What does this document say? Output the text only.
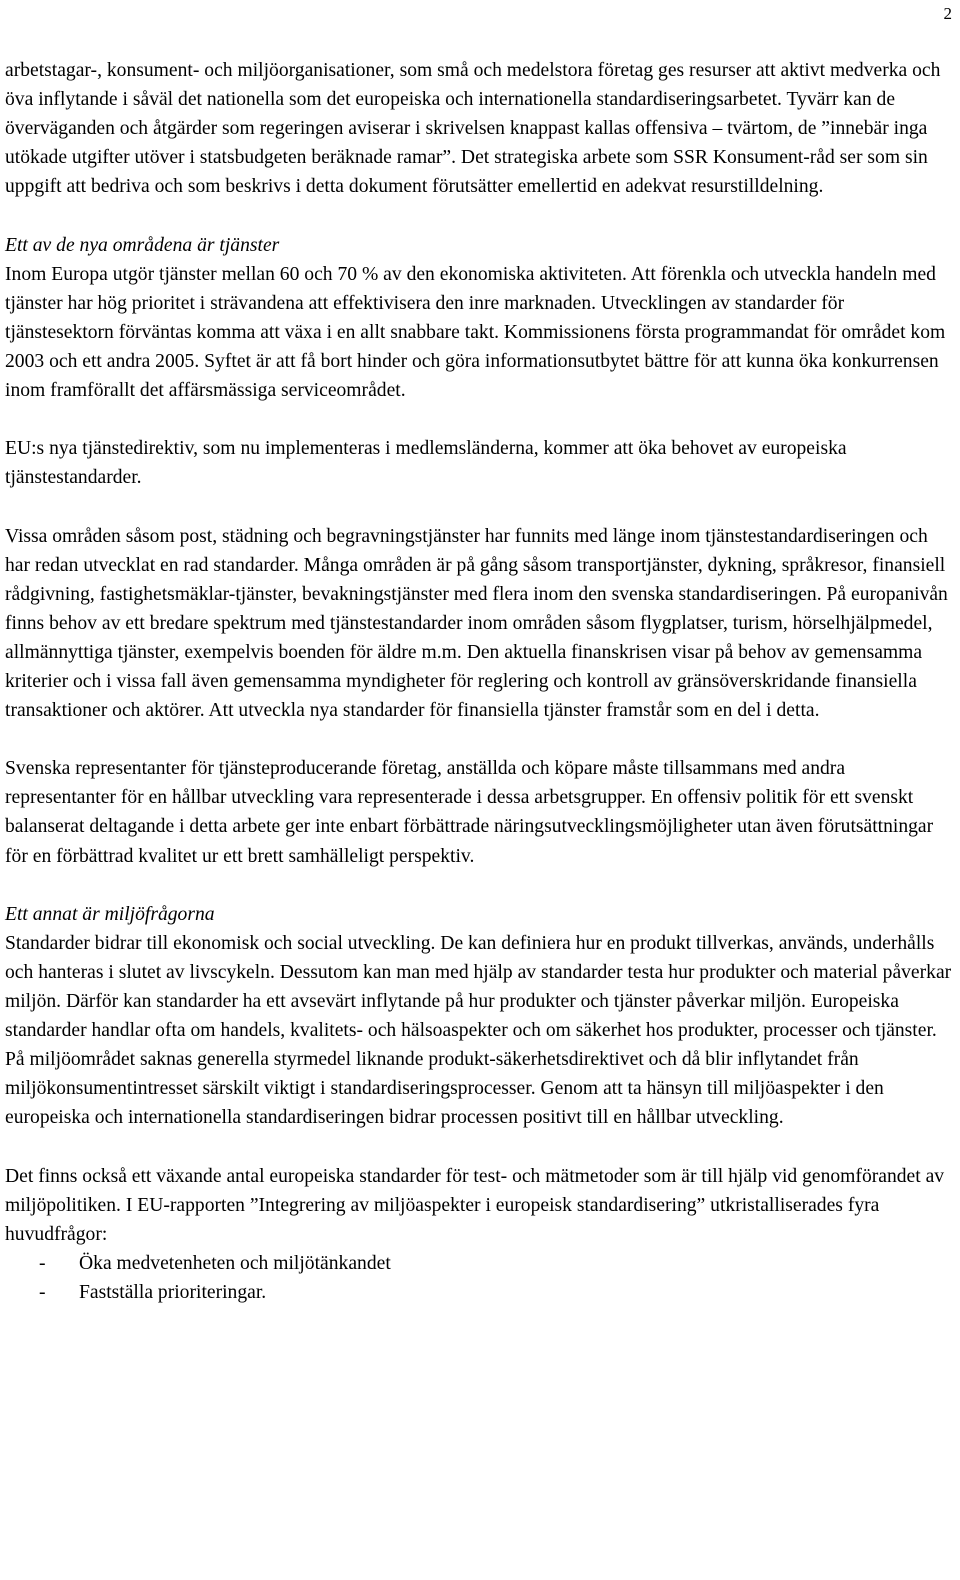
2

arbetstagar-, konsument- och miljöorganisationer, som små och medelstora företag ges resurser att aktivt medverka och öva inflytande i såväl det nationella som det europeiska och internationella standardiseringsarbetet. Tyvärr kan de överväganden och åtgärder som regeringen aviserar i skrivelsen knappast kallas offensiva – tvärtom, de ”innebär inga utökade utgifter utöver i statsbudgeten beräknade ramar”. Det strategiska arbete som SSR Konsument-råd ser som sin uppgift att bedriva och som beskrivs i detta dokument förutsätter emellertid en adekvat resurstilldelning.

Ett av de nya områdena är tjänster

Inom Europa utgör tjänster mellan 60 och 70 % av den ekonomiska aktiviteten. Att förenkla och utveckla handeln med tjänster har hög prioritet i strävandena att effektivisera den inre marknaden. Utvecklingen av standarder för tjänstesektorn förväntas komma att växa i en allt snabbare takt. Kommissionens första programmandat för området kom 2003 och ett andra 2005. Syftet är att få bort hinder och göra informationsutbytet bättre för att kunna öka konkurrensen inom framförallt det affärsmässiga serviceområdet.

EU:s nya tjänstedirektiv, som nu implementeras i medlemsländerna, kommer att öka behovet av europeiska tjänstestandarder.

Vissa områden såsom post, städning och begravningstjänster har funnits med länge inom tjänstestandardiseringen och har redan utvecklat en rad standarder. Många områden är på gång såsom transportjänster, dykning, språkresor, finansiell rådgivning, fastighetsmäklar-tjänster, bevakningstjänster med flera inom den svenska standardiseringen. På europanivån finns behov av ett bredare spektrum med tjänstestandarder inom områden såsom flygplatser, turism, hörselhjälpmedel, allmännyttiga tjänster, exempelvis boenden för äldre m.m. Den aktuella finanskrisen visar på behov av gemensamma kriterier och i vissa fall även gemensamma myndigheter för reglering och kontroll av gränsöverskridande finansiella transaktioner och aktörer. Att utveckla nya standarder för finansiella tjänster framstår som en del i detta.

Svenska representanter för tjänsteproducerande företag, anställda och köpare måste tillsammans med andra representanter för en hållbar utveckling vara representerade i dessa arbetsgrupper. En offensiv politik för ett svenskt balanserat deltagande i detta arbete ger inte enbart förbättrade näringsutvecklingsmöjligheter utan även förutsättningar för en förbättrad kvalitet ur ett brett samhälleligt perspektiv.

Ett annat är miljöfrågorna

Standarder bidrar till ekonomisk och social utveckling. De kan definiera hur en produkt tillverkas, används, underhålls och hanteras i slutet av livscykeln. Dessutom kan man med hjälp av standarder testa hur produkter och material påverkar miljön. Därför kan standarder ha ett avsevärt inflytande på hur produkter och tjänster påverkar miljön. Europeiska standarder handlar ofta om handels, kvalitets- och hälsoaspekter och om säkerhet hos produkter, processer och tjänster. På miljöområdet saknas generella styrmedel liknande produkt-säkerhetsdirektivet och då blir inflytandet från miljökonsumentintresset särskilt viktigt i standardiseringsprocesser. Genom att ta hänsyn till miljöaspekter i den europeiska och internationella standardiseringen bidrar processen positivt till en hållbar utveckling.

Det finns också ett växande antal europeiska standarder för test- och mätmetoder som är till hjälp vid genomförandet av miljöpolitiken. I EU-rapporten ”Integrering av miljöaspekter i europeisk standardisering” utkristalliserades fyra huvudfrågor:

- Öka medvetenheten och miljötänkandet
- Fastställa prioriteringar.
